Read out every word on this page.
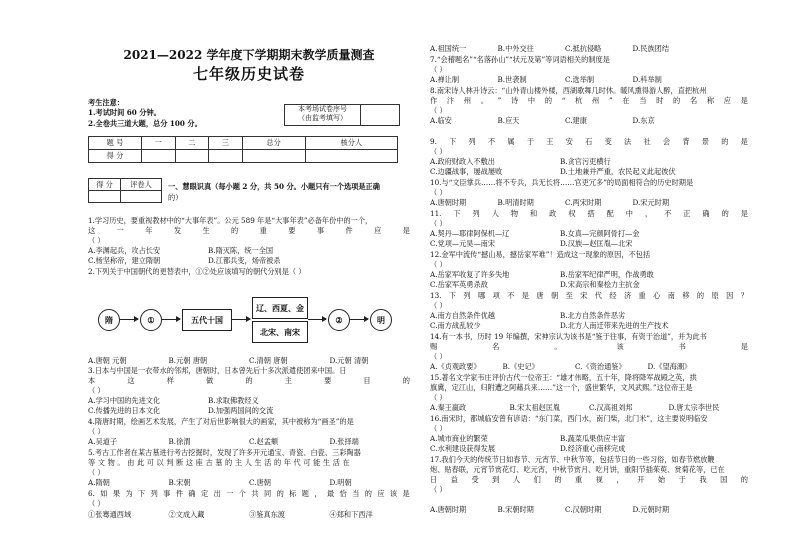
2021—2022 学年度下学期期末教学质量测查
七年级历史试卷
考生注意：
1.考试时间 60 分钟。
2.全卷共三道大题，总分 100 分。
本考场试卷序号
（由监考填写）
题 号	一	二	三	总分	核分人
得 分					
得 分	评卷人
	一、慧眼识真（每小题 2 分，共 50 分。小题只有一个选项是正确
的）
1.学习历史，要重视教材中的“大事年表”。公元 589 年是“大事年表”必备年份中的一个，
这	一	年	发	生	的	重	要	事	件	应	是
（ ）
A.李渊起兵，攻占长安	B.隋灭陈，统一全国
C.杨坚称帝，建立隋朝	D.江都兵变，炀帝被杀
2.下列关于中国朝代的更替表中，①②处应该填写的朝代分别是（ ）
隋	①	五代十国
辽、西夏、金
北宋、南宋
②	明
A.唐朝 元朝	B.元朝 唐朝	C.清朝 唐朝	D.元朝 清朝
3.日本与中国是一衣带水的邻邦，唐朝时，日本曾先后十多次派遣使团来中国。日
本	这	样	做	的	主	要	目	的
（ ）
A.学习中国的先进文化	B.求取佛教经义
C.传播先进的日本文化	D.加强两国间的交流
4.隋唐时期，绘画艺术发展，产生了对后世影响很大的画家，其中被称为“画圣”的是
（ ）
A.吴道子	B.徐渭	C.赵孟頫	D.张择端
5.考古工作者在某古墓进行考古挖掘时，发现了许多开元通宝、青瓷、白瓷、三彩陶器
等文物。由此可以判断这座古墓的主人生活的年代可能生活在
（ ）
A.隋朝	B.宋朝	C.唐朝	D.明朝
6. 如 果 为 下 列 事 件 确 定 出 一 个 共 同 的 标 题 ， 最 恰 当 的 应 该 是
（ ）
①张骞通西域	②文成入藏	③鉴真东渡	④郑和下西洋
A.祖国统一	B.中外交往	C.抵抗侵略	D.民族团结
7.“会稽题名”“名落孙山”“状元及第”等词语相关的制度是
（ ）
A.禅让制	B.世袭制	C.选举制	D.科举制
8.南宋诗人林升诗云：“山外青山楼外楼，西湖歌舞几时休。暖风熏得游人醉，直把杭州
作 汴 州 。 ” 诗 中 的 “ 杭 州 ” 在 当 时 的 名 称 应 是
（ ）
A.临安	B.应天	C.建康	D.东京
9. 下 列 不 属 于 王 安 石 变 法 社 会 背 景 的 是
（ ）
A.政府财政入不敷出	B.贪官污吏横行
C.边疆战事，屡战屡败	D.土地兼并严重，农民起义此起彼伏
10.与“文臣掌兵……将不专兵，兵无长将……官吏冗多”的局面相符合的历史时期是
（ ）
A.唐朝时期	B.明清时期	C.两宋时期	D.宋元时期
11. 下 列 人 物 和 政 权 搭 配 中 ， 不 正 确 的 是
（ ）
A.契丹—耶律阿保机—辽	B.女真—完颜阿骨打—金
C.党项—元昊—南宋	D.汉族—赵匡胤—北宋
12.金军中流传“撼山易，撼岳家军难”！造成这一现象的原因，不包括
（ ）
A.岳家军收复了许多失地	B.岳家军纪律严明，作战勇敢
C.岳家军英勇杀敌	D.宋高宗和秦桧力主抗金
13. 下 列 哪 项 不 是 唐 朝 至 宋 代 经 济 重 心 南 移 的 原 因 ？
（ ）
A.南方自然条件优越	B.北方自然条件恶劣
C.南方战乱较少	D.北方人南迁带来先进的生产技术
14.有一本书，历时 19 年编撰，宋神宗认为该书是“鉴于往事，有资于治道”，并为此书
赐	名	。	该	书	是
（ ）
A.《贞观政要》	B.《史记》	C.《资治通鉴》	D.《望海潮》
15.著名文学家韦庄评价古代一位帝王：“雄才伟略，五十年，降将降军战殿之英，拱
旗冀，定江山，归附遭之阿藉兵来……”这一个，盛世繁华，文风武熙。”这位帝王是
（ ）
A.秦王嬴政	B.宋太祖赵匡胤	C.汉高祖刘邦	D.唐太宗李世民
16.南宋时，都城临安曾有谚语：“东门菜，西门水，南门柴，北门米”，这主要说明临安
（ ）
A.城市商业的繁荣	B.蔬菜瓜果供应丰富
C.水利建设获得发展	D.经济重心南移完成
17.我们今天的传统节日如春节、元宵节、中秋节等，包括节日的一些习俗，如春节燃放鞭
炮、贴春联，元宵节赏花灯、吃元宵，中秋节赏月、吃月饼，重阳节插茱萸、赏菊花等，已在
日 益 受 到 人 们 的 重 视 ， 开 始 于 我 国 的
（ ）
A.唐朝时期	B.宋朝时期	C.汉朝时期	D.元朝时期
